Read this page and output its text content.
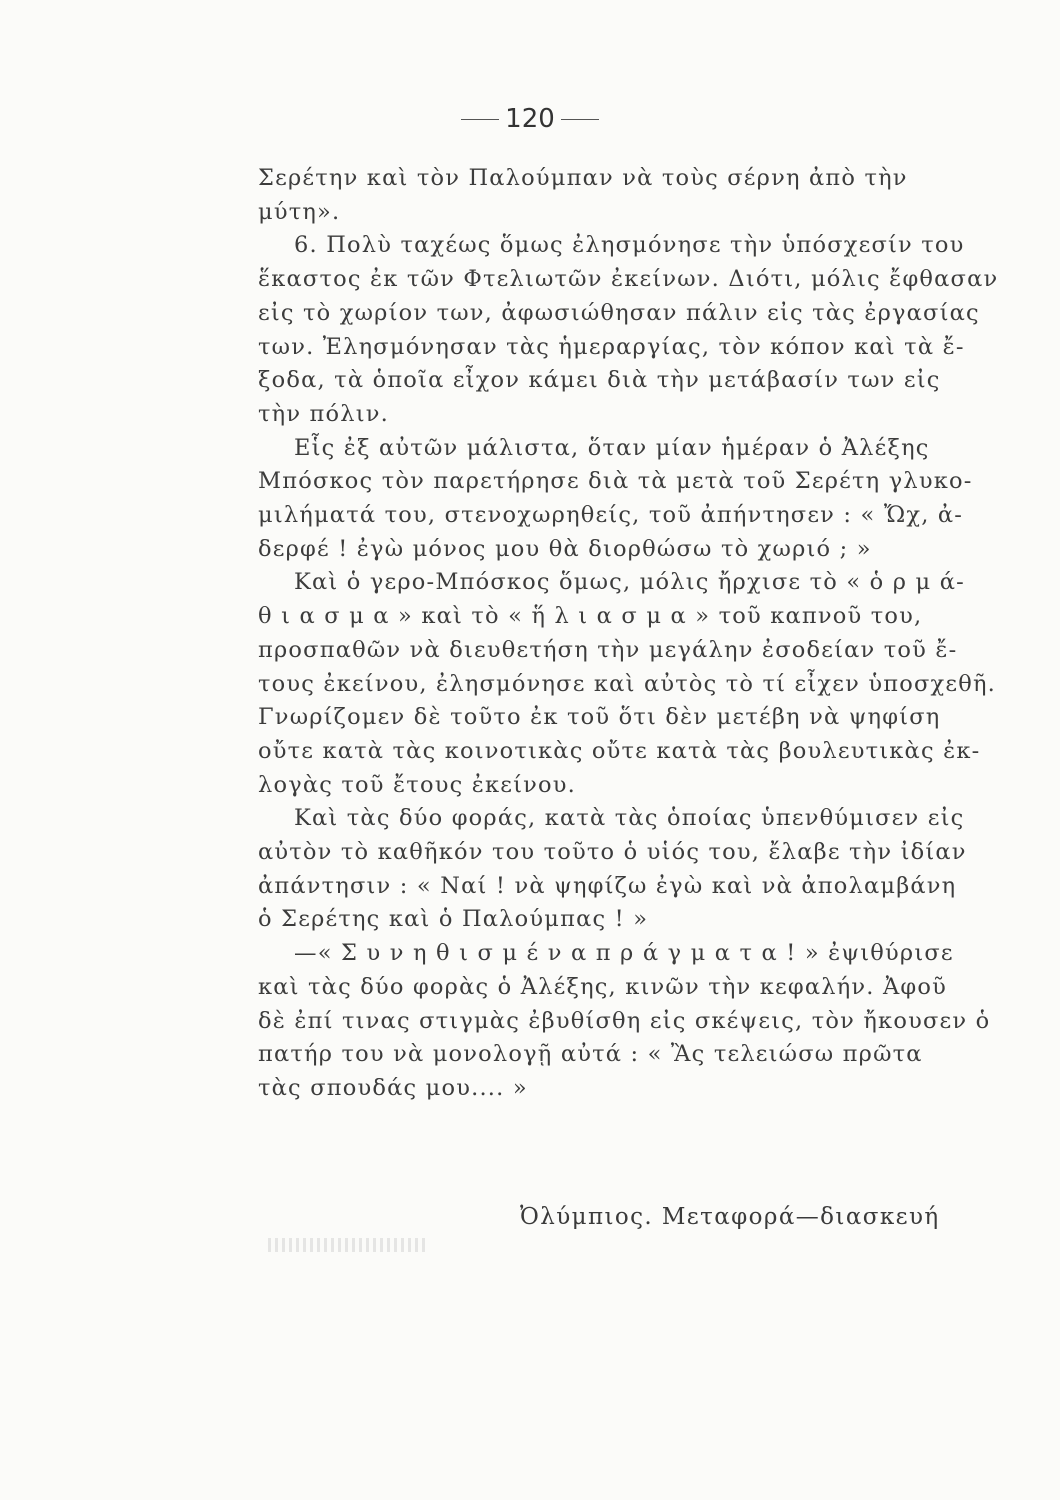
120
Σερέτην καὶ τὸν Παλούμπαν νὰ τοὺς σέρνη ἀπὸ τὴν
μύτη».
6. Πολὺ ταχέως ὅμως ἐλησμόνησε τὴν ὑπόσχεσίν του
ἕκαστος ἐκ τῶν Φτελιωτῶν ἐκείνων. Διότι, μόλις ἔφθασαν
εἰς τὸ χωρίον των, ἀφωσιώθησαν πάλιν εἰς τὰς ἐργασίας
των. Ἐλησμόνησαν τὰς ἡμεραργίας, τὸν κόπον καὶ τὰ ἔ-
ξοδα, τὰ ὁποῖα εἶχον κάμει διὰ τὴν μετάβασίν των εἰς
τὴν πόλιν.
Εἷς ἐξ αὐτῶν μάλιστα, ὅταν μίαν ἡμέραν ὁ Ἀλέξης
Μπόσκος τὸν παρετήρησε διὰ τὰ μετὰ τοῦ Σερέτη γλυκο-
μιλήματά του, στενοχωρηθείς, τοῦ ἀπήντησεν : « Ὤχ, ἀ-
δερφέ ! ἐγὼ μόνος μου θὰ διορθώσω τὸ χωριό ; »
Καὶ ὁ γερο-Μπόσκος ὅμως, μόλις ἤρχισε τὸ « ὁ ρ μ ά-
θ ι α σ μ α » καὶ τὸ « ἥ λ ι α σ μ α » τοῦ καπνοῦ του,
προσπαθῶν νὰ διευθετήση τὴν μεγάλην ἐσοδείαν τοῦ ἔ-
τους ἐκείνου, ἐλησμόνησε καὶ αὐτὸς τὸ τί εἶχεν ὑποσχεθῆ.
Γνωρίζομεν δὲ τοῦτο ἐκ τοῦ ὅτι δὲν μετέβη νὰ ψηφίση
οὔτε κατὰ τὰς κοινοτικὰς οὔτε κατὰ τὰς βουλευτικὰς ἐκ-
λογὰς τοῦ ἔτους ἐκείνου.
Καὶ τὰς δύο φοράς, κατὰ τὰς ὁποίας ὑπενθύμισεν εἰς
αὐτὸν τὸ καθῆκόν του τοῦτο ὁ υἱός του, ἔλαβε τὴν ἰδίαν
ἀπάντησιν : « Ναί ! νὰ ψηφίζω ἐγὼ καὶ νὰ ἀπολαμβάνη
ὁ Σερέτης καὶ ὁ Παλούμπας ! »
—« Σ υ ν η θ ι σ μ έ ν α π ρ ά γ μ α τ α ! » ἐψιθύρισε
καὶ τὰς δύο φορὰς ὁ Ἀλέξης, κινῶν τὴν κεφαλήν. Ἀφοῦ
δὲ ἐπί τινας στιγμὰς ἐβυθίσθη εἰς σκέψεις, τὸν ἤκουσεν ὁ
πατήρ του νὰ μονολογῇ αὐτά : « Ἂς τελειώσω πρῶτα
τὰς σπουδάς μου.... »
Ὀλύμπιος. Μεταφορά—διασκευή
